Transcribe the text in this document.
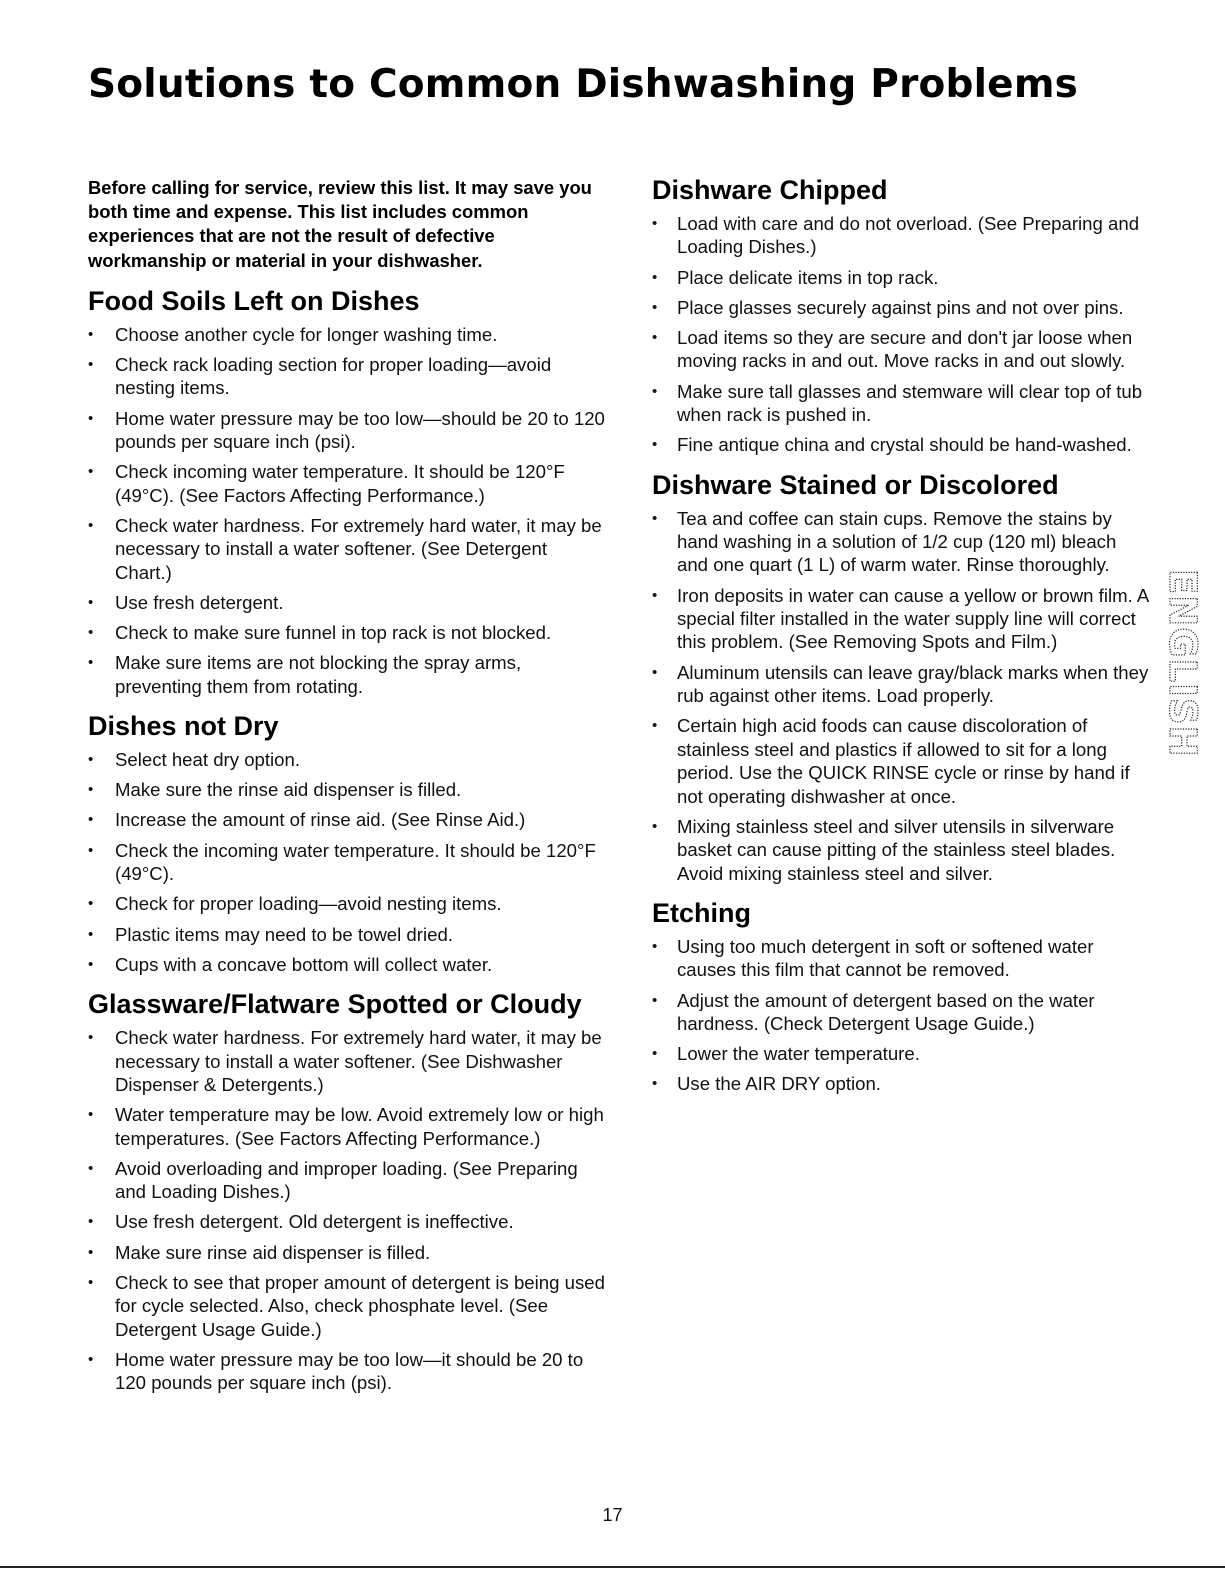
Solutions to Common Dishwashing Problems

Before calling for service, review this list. It may save you both time and expense. This list includes common experiences that are not the result of defective workmanship or material in your dishwasher.

Food Soils Left on Dishes
• Choose another cycle for longer washing time.
• Check rack loading section for proper loading—avoid nesting items.
• Home water pressure may be too low—should be 20 to 120 pounds per square inch (psi).
• Check incoming water temperature. It should be 120°F (49°C). (See Factors Affecting Performance.)
• Check water hardness. For extremely hard water, it may be necessary to install a water softener. (See Detergent Chart.)
• Use fresh detergent.
• Check to make sure funnel in top rack is not blocked.
• Make sure items are not blocking the spray arms, preventing them from rotating.
Dishes not Dry
• Select heat dry option.
• Make sure the rinse aid dispenser is filled.
• Increase the amount of rinse aid. (See Rinse Aid.)
• Check the incoming water temperature. It should be 120°F (49°C).
• Check for proper loading—avoid nesting items.
• Plastic items may need to be towel dried.
• Cups with a concave bottom will collect water.
Glassware/Flatware Spotted or Cloudy
• Check water hardness. For extremely hard water, it may be necessary to install a water softener. (See Dishwasher Dispenser & Detergents.)
• Water temperature may be low. Avoid extremely low or high temperatures. (See Factors Affecting Performance.)
• Avoid overloading and improper loading. (See Preparing and Loading Dishes.)
• Use fresh detergent. Old detergent is ineffective.
• Make sure rinse aid dispenser is filled.
• Check to see that proper amount of detergent is being used for cycle selected. Also, check phosphate level. (See Detergent Usage Guide.)
• Home water pressure may be too low—it should be 20 to 120 pounds per square inch (psi).
Dishware Chipped
• Load with care and do not overload. (See Preparing and Loading Dishes.)
• Place delicate items in top rack.
• Place glasses securely against pins and not over pins.
• Load items so they are secure and don't jar loose when moving racks in and out. Move racks in and out slowly.
• Make sure tall glasses and stemware will clear top of tub when rack is pushed in.
• Fine antique china and crystal should be hand-washed.
Dishware Stained or Discolored
• Tea and coffee can stain cups. Remove the stains by hand washing in a solution of 1/2 cup (120 ml) bleach and one quart (1 L) of warm water. Rinse thoroughly.
• Iron deposits in water can cause a yellow or brown film. A special filter installed in the water supply line will correct this problem. (See Removing Spots and Film.)
• Aluminum utensils can leave gray/black marks when they rub against other items. Load properly.
• Certain high acid foods can cause discoloration of stainless steel and plastics if allowed to sit for a long period. Use the QUICK RINSE cycle or rinse by hand if not operating dishwasher at once.
• Mixing stainless steel and silver utensils in silverware basket can cause pitting of the stainless steel blades. Avoid mixing stainless steel and silver.
Etching
• Using too much detergent in soft or softened water causes this film that cannot be removed.
• Adjust the amount of detergent based on the water hardness. (Check Detergent Usage Guide.)
• Lower the water temperature.
• Use the AIR DRY option.
ENGLISH
17
